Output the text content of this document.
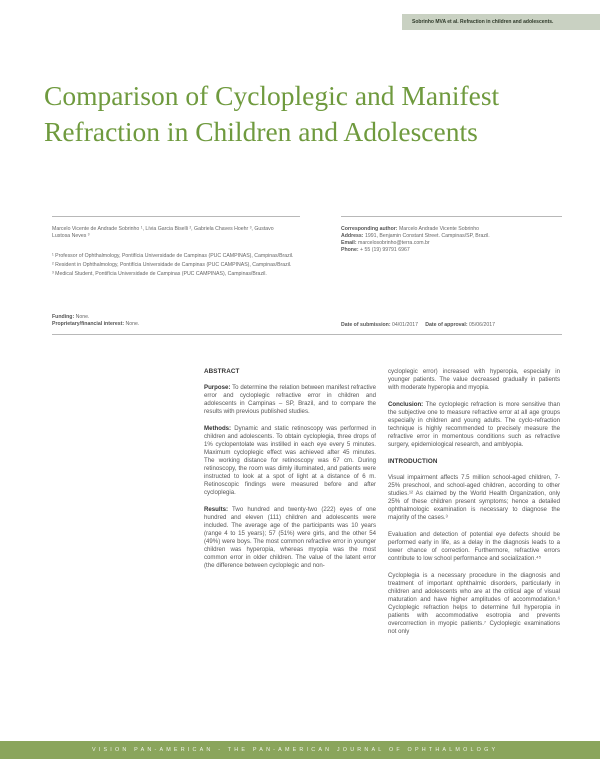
Sobrinho MVA et al. Refraction in children and adolescents.
Comparison of Cycloplegic and Manifest Refraction in Children and Adolescents
Marcelo Vicente de Andrade Sobrinho ¹, Lívia Garcia Biselli ², Gabriela Chaves Hoehr ³, Gustavo Lustosa Neves ³
¹ Professor of Ophthalmology, Pontifícia Universidade de Campinas (PUC CAMPINAS), Campinas/Brazil.
² Resident in Ophthalmology, Pontifícia Universidade de Campinas (PUC CAMPINAS), Campinas/Brazil.
³ Medical Student, Pontifícia Universidade de Campinas (PUC CAMPINAS), Campinas/Brazil.
Corresponding author: Marcelo Andrade Vicente Sobrinho
Address: 1991, Benjamin Constant Street. Campinas/SP, Brazil.
Email: marcelosobrinho@terra.com.br
Phone: + 55 (19) 99791 6967
Funding: None.
Proprietary/financial interest: None.	Date of submission: 04/01/2017 Date of approval: 05/06/2017
ABSTRACT

Purpose: To determine the relation between manifest refractive error and cycloplegic refractive error in children and adolescents in Campinas – SP, Brazil, and to compare the results with previous published studies.

Methods: Dynamic and static retinoscopy was performed in children and adolescents. To obtain cycloplegia, three drops of 1% cyclopentolate was instilled in each eye every 5 minutes. Maximum cycloplegic effect was achieved after 45 minutes. The working distance for retinoscopy was 67 cm. During retinoscopy, the room was dimly illuminated, and patients were instructed to look at a spot of light at a distance of 6 m. Retinoscopic findings were measured before and after cycloplegia.

Results: Two hundred and twenty-two (222) eyes of one hundred and eleven (111) children and adolescents were included. The average age of the participants was 10 years (range 4 to 15 years); 57 (51%) were girls, and the other 54 (49%) were boys. The most common refractive error in younger children was hyperopia, whereas myopia was the most common error in older children. The value of the latent error (the difference between cycloplegic and non-

cycloplegic error) increased with hyperopia, especially in younger patients. The value decreased gradually in patients with moderate hyperopia and myopia.

Conclusion: The cycloplegic refraction is more sensitive than the subjective one to measure refractive error at all age groups especially in children and young adults. The cyclo-refraction technique is highly recommended to precisely measure the refractive error in momentous conditions such as refractive surgery, epidemiological research, and amblyopia.

INTRODUCTION

Visual impairment affects 7.5 million school-aged children, 7-25% preschool, and school-aged children, according to other studies.¹² As claimed by the World Health Organization, only 25% of these children present symptoms; hence a detailed ophthalmologic examination is necessary to diagnose the majority of the cases.³

Evaluation and detection of potential eye defects should be performed early in life, as a delay in the diagnosis leads to a lower chance of correction. Furthermore, refractive errors contribute to low school performance and socialization.⁴⁵

Cycloplegia is a necessary procedure in the diagnosis and treatment of important ophthalmic disorders, particularly in children and adolescents who are at the critical age of visual maturation and have higher amplitudes of accommodation.⁶ Cycloplegic refraction helps to determine full hyperopia in patients with accommodative esotropia and prevents overcorrection in myopic patients.⁷ Cycloplegic examinations not only

VISION PAN-AMERICAN - THE PAN-AMERICAN JOURNAL OF OPHTHALMOLOGY
